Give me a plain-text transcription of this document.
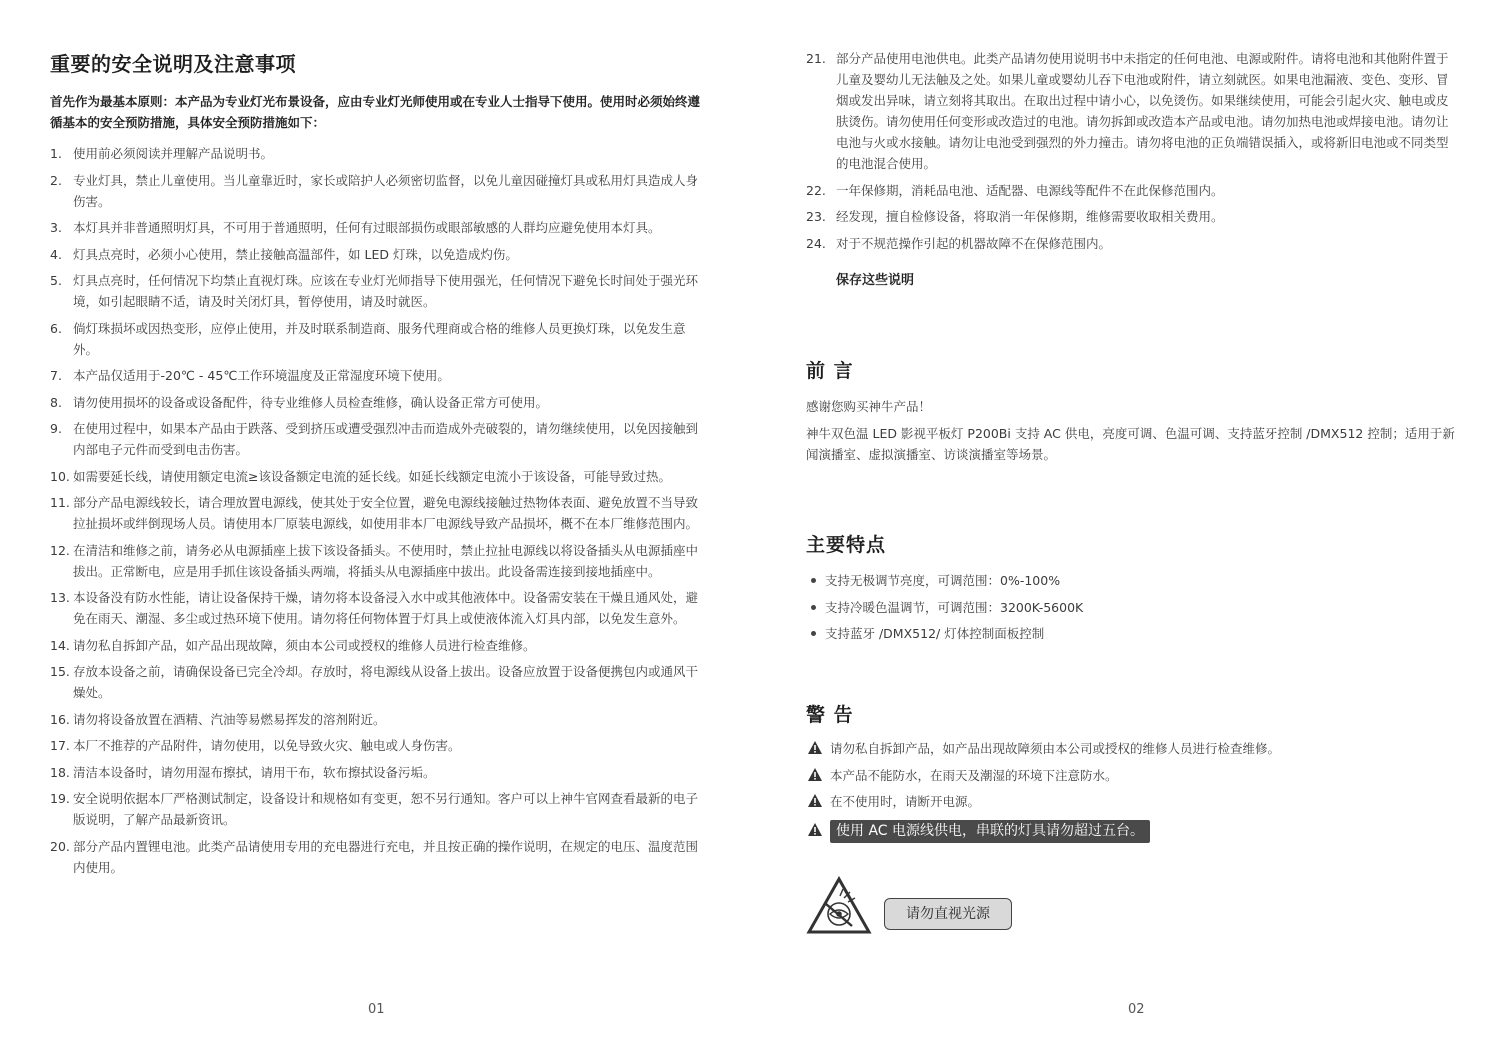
重要的安全说明及注意事项
首先作为最基本原则：本产品为专业灯光布景设备，应由专业灯光师使用或在专业人士指导下使用。使用时必须始终遵循基本的安全预防措施，具体安全预防措施如下：
1. 使用前必须阅读并理解产品说明书。
2. 专业灯具，禁止儿童使用。当儿童靠近时，家长或陪护人必须密切监督，以免儿童因碰撞灯具或私用灯具造成人身伤害。
3. 本灯具并非普通照明灯具，不可用于普通照明，任何有过眼部损伤或眼部敏感的人群均应避免使用本灯具。
4. 灯具点亮时，必须小心使用，禁止接触高温部件，如 LED 灯珠，以免造成灼伤。
5. 灯具点亮时，任何情况下均禁止直视灯珠。应该在专业灯光师指导下使用强光，任何情况下避免长时间处于强光环境，如引起眼睛不适，请及时关闭灯具，暂停使用，请及时就医。
6. 倘灯珠损坏或因热变形，应停止使用，并及时联系制造商、服务代理商或合格的维修人员更换灯珠，以免发生意外。
7. 本产品仅适用于-20℃ - 45℃工作环境温度及正常湿度环境下使用。
8. 请勿使用损坏的设备或设备配件，待专业维修人员检查维修，确认设备正常方可使用。
9. 在使用过程中，如果本产品由于跌落、受到挤压或遭受强烈冲击而造成外壳破裂的，请勿继续使用，以免因接触到内部电子元件而受到电击伤害。
10. 如需要延长线，请使用额定电流≥该设备额定电流的延长线。如延长线额定电流小于该设备，可能导致过热。
11. 部分产品电源线较长，请合理放置电源线，使其处于安全位置，避免电源线接触过热物体表面、避免放置不当导致拉扯损坏或绊倒现场人员。请使用本厂原装电源线，如使用非本厂电源线导致产品损坏，概不在本厂维修范围内。
12. 在清洁和维修之前，请务必从电源插座上拔下该设备插头。不使用时，禁止拉扯电源线以将设备插头从电源插座中拔出。正常断电，应是用手抓住该设备插头两端，将插头从电源插座中拔出。此设备需连接到接地插座中。
13. 本设备没有防水性能，请让设备保持干燥，请勿将本设备浸入水中或其他液体中。设备需安装在干燥且通风处，避免在雨天、潮湿、多尘或过热环境下使用。请勿将任何物体置于灯具上或使液体流入灯具内部，以免发生意外。
14. 请勿私自拆卸产品，如产品出现故障，须由本公司或授权的维修人员进行检查维修。
15. 存放本设备之前，请确保设备已完全冷却。存放时，将电源线从设备上拔出。设备应放置于设备便携包内或通风干燥处。
16. 请勿将设备放置在酒精、汽油等易燃易挥发的溶剂附近。
17. 本厂不推荐的产品附件，请勿使用，以免导致火灾、触电或人身伤害。
18. 清洁本设备时，请勿用湿布擦拭，请用干布，软布擦拭设备污垢。
19. 安全说明依据本厂严格测试制定，设备设计和规格如有变更，恕不另行通知。客户可以上神牛官网查看最新的电子版说明，了解产品最新资讯。
20. 部分产品内置锂电池。此类产品请使用专用的充电器进行充电，并且按正确的操作说明，在规定的电压、温度范围内使用。
01
21. 部分产品使用电池供电。此类产品请勿使用说明书中未指定的任何电池、电源或附件。请将电池和其他附件置于儿童及婴幼儿无法触及之处。如果儿童或婴幼儿吞下电池或附件，请立刻就医。如果电池漏液、变色、变形、冒烟或发出异味，请立刻将其取出。在取出过程中请小心，以免烫伤。如果继续使用，可能会引起火灾、触电或皮肤烫伤。请勿使用任何变形或改造过的电池。请勿拆卸或改造本产品或电池。请勿加热电池或焊接电池。请勿让电池与火或水接触。请勿让电池受到强烈的外力撞击。请勿将电池的正负端错误插入，或将新旧电池或不同类型的电池混合使用。
22. 一年保修期，消耗品电池、适配器、电源线等配件不在此保修范围内。
23. 经发现，擅自检修设备，将取消一年保修期，维修需要收取相关费用。
24. 对于不规范操作引起的机器故障不在保修范围内。
保存这些说明
前 言
感谢您购买神牛产品！
神牛双色温 LED 影视平板灯 P200Bi 支持 AC 供电，亮度可调、色温可调、支持蓝牙控制 /DMX512 控制；适用于新闻演播室、虚拟演播室、访谈演播室等场景。
主要特点
支持无极调节亮度，可调范围：0%-100%
支持冷暖色温调节，可调范围：3200K-5600K
支持蓝牙 /DMX512/ 灯体控制面板控制
警 告
请勿私自拆卸产品，如产品出现故障须由本公司或授权的维修人员进行检查维修。
本产品不能防水，在雨天及潮湿的环境下注意防水。
在不使用时，请断开电源。
使用 AC 电源线供电，串联的灯具请勿超过五台。
请勿直视光源
02
